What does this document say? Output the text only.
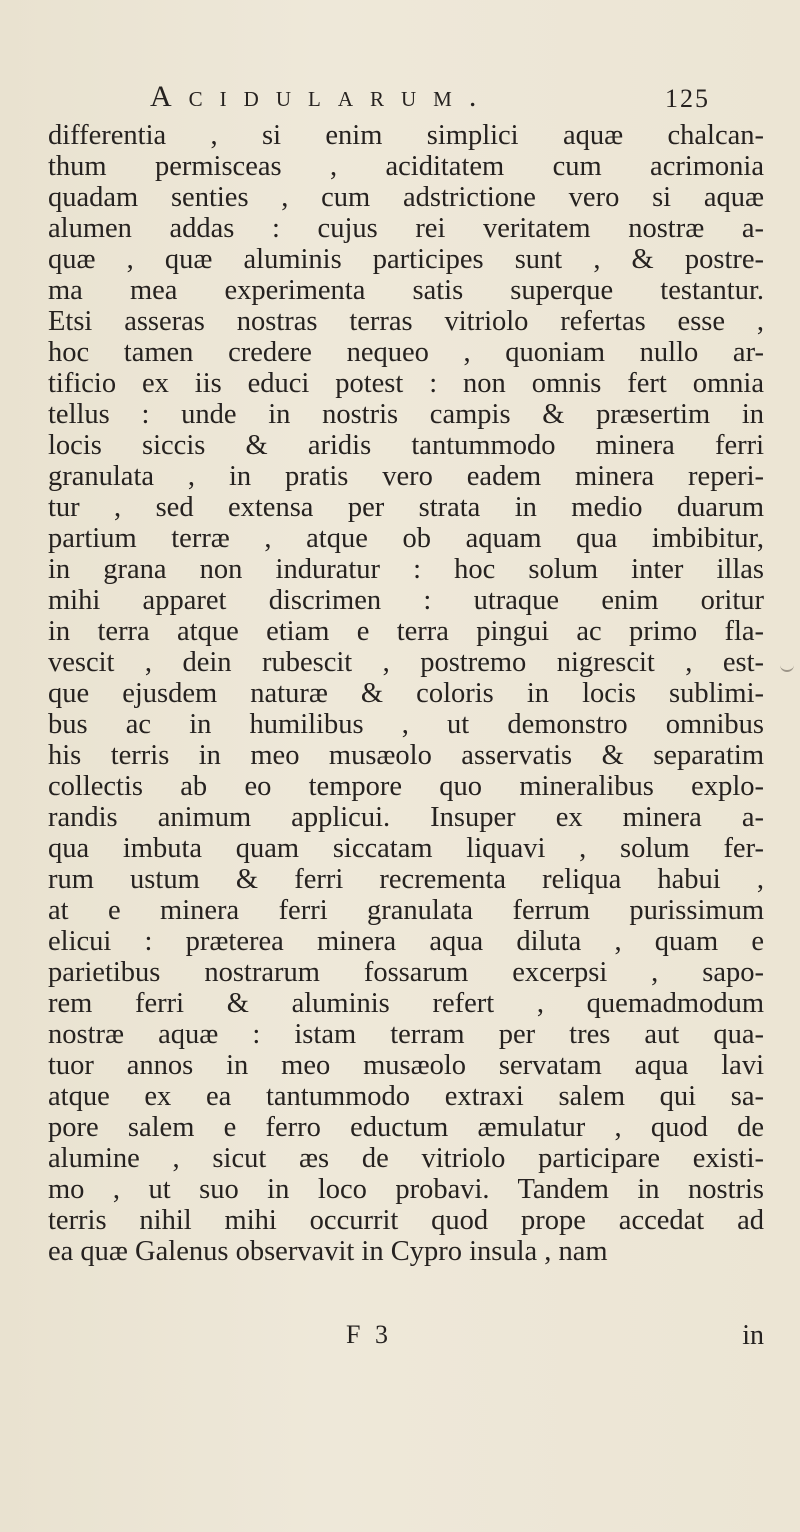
Acidularum.	125
differentia , si enim simplici aquæ chalcan-
thum permisceas , aciditatem cum acrimonia
quadam senties , cum adstrictione vero si aquæ
alumen addas : cujus rei veritatem nostræ a-
quæ , quæ aluminis participes sunt , & postre-
ma mea experimenta satis superque testantur.
Etsi asseras nostras terras vitriolo refertas esse ,
hoc tamen credere nequeo , quoniam nullo ar-
tificio ex iis educi potest : non omnis fert omnia
tellus : unde in nostris campis & præsertim in
locis siccis & aridis tantummodo minera ferri
granulata , in pratis vero eadem minera reperi-
tur , sed extensa per strata in medio duarum
partium terræ , atque ob aquam qua imbibitur,
in grana non induratur : hoc solum inter illas
mihi apparet discrimen : utraque enim oritur
in terra atque etiam e terra pingui ac primo fla-
vescit , dein rubescit , postremo nigrescit , est-
que ejusdem naturæ & coloris in locis sublimi-
bus ac in humilibus , ut demonstro omnibus
his terris in meo musæolo asservatis & separatim
collectis ab eo tempore quo mineralibus explo-
randis animum applicui. Insuper ex minera a-
qua imbuta quam siccatam liquavi , solum fer-
rum ustum & ferri recrementa reliqua habui ,
at e minera ferri granulata ferrum purissimum
elicui : præterea minera aqua diluta , quam e
parietibus nostrarum fossarum excerpsi , sapo-
rem ferri & aluminis refert , quemadmodum
nostræ aquæ : istam terram per tres aut qua-
tuor annos in meo musæolo servatam aqua lavi
atque ex ea tantummodo extraxi salem qui sa-
pore salem e ferro eductum æmulatur , quod de
alumine , sicut æs de vitriolo participare existi-
mo , ut suo in loco probavi. Tandem in nostris
terris nihil mihi occurrit quod prope accedat ad
ea quæ Galenus observavit in Cypro insula , nam
F 3	in
